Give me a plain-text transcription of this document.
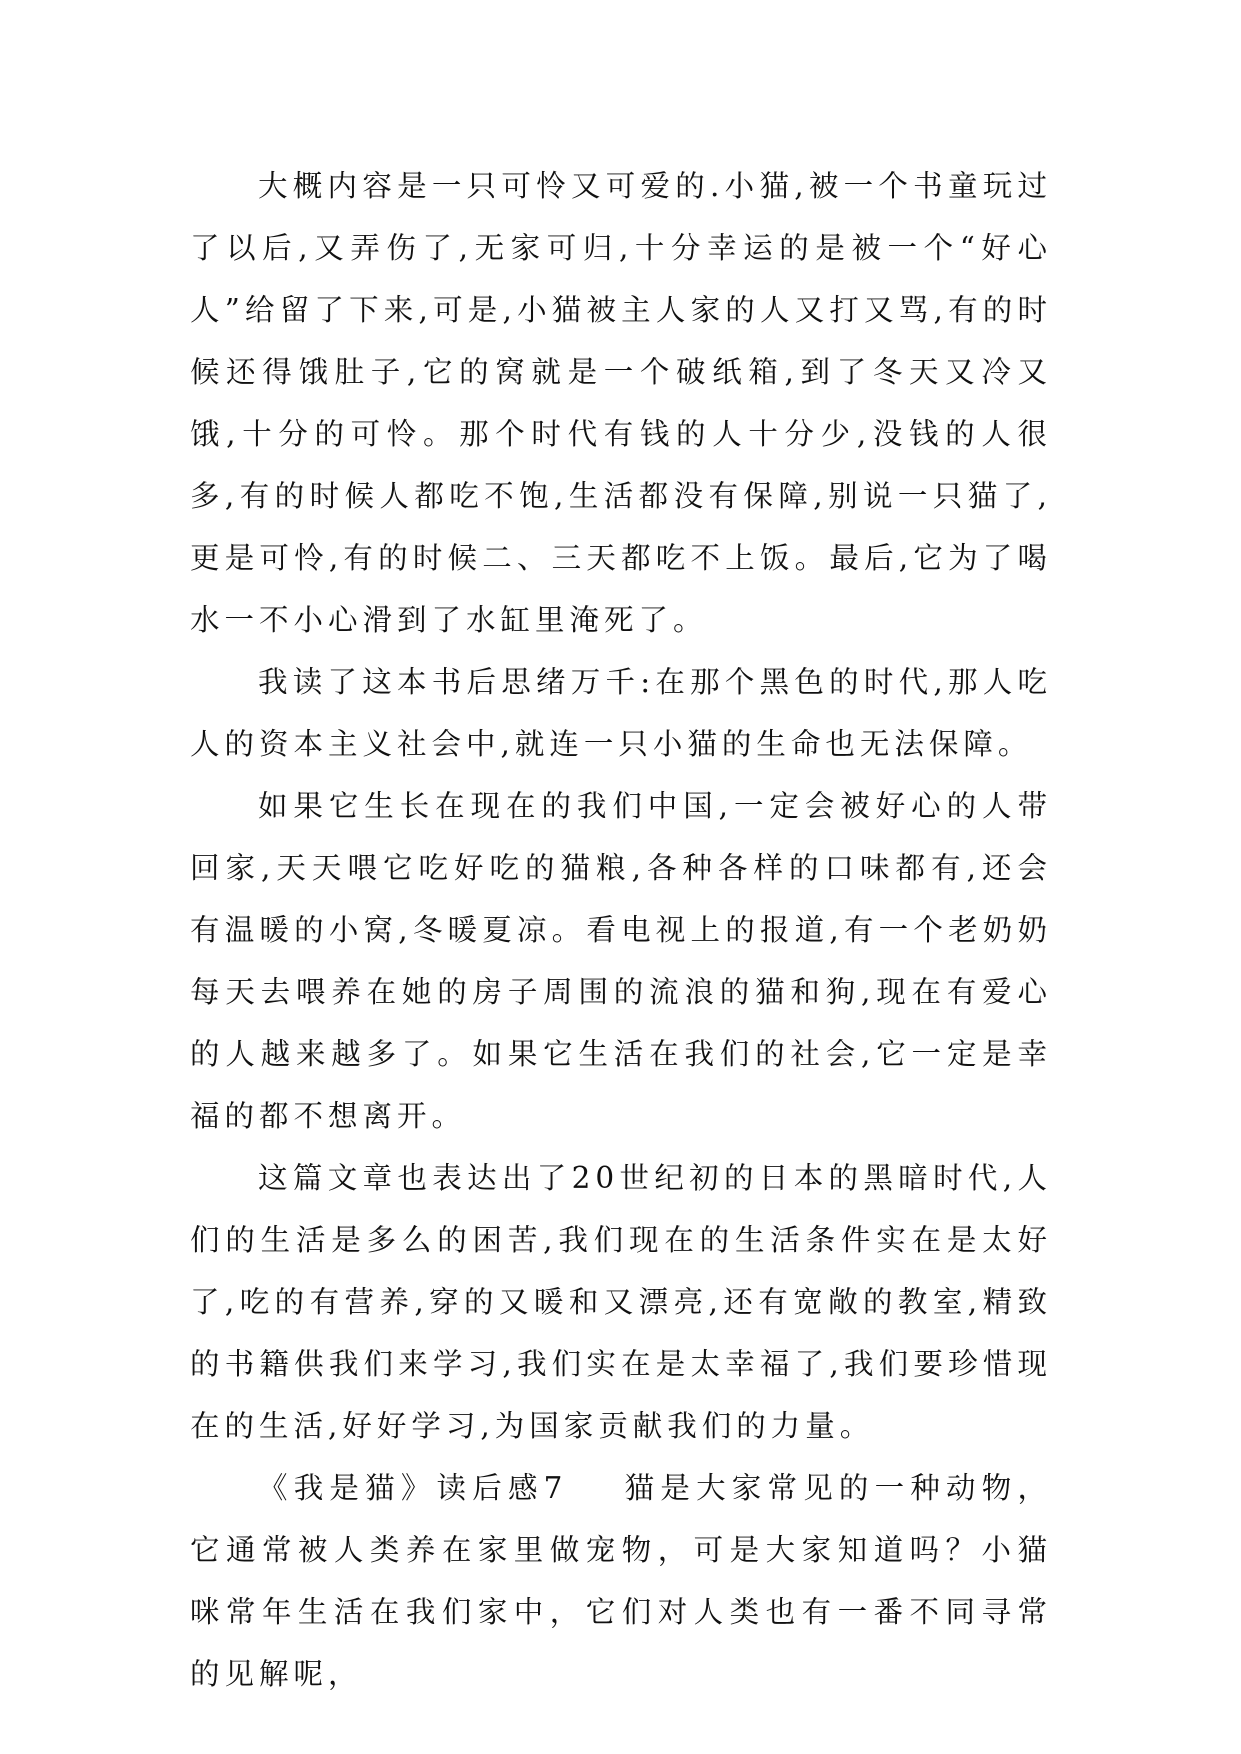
大概内容是一只可怜又可爱的.小猫,被一个书童玩过了以后,又弄伤了,无家可归,十分幸运的是被一个“好心人”给留了下来,可是,小猫被主人家的人又打又骂,有的时候还得饿肚子,它的窝就是一个破纸箱,到了冬天又冷又饿,十分的可怜。那个时代有钱的人十分少,没钱的人很多,有的时候人都吃不饱,生活都没有保障,别说一只猫了,更是可怜,有的时候二、三天都吃不上饭。最后,它为了喝水一不小心滑到了水缸里淹死了。

我读了这本书后思绪万千:在那个黑色的时代,那人吃人的资本主义社会中,就连一只小猫的生命也无法保障。

如果它生长在现在的我们中国,一定会被好心的人带回家,天天喂它吃好吃的猫粮,各种各样的口味都有,还会有温暖的小窝,冬暖夏凉。看电视上的报道,有一个老奶奶每天去喂养在她的房子周围的流浪的猫和狗,现在有爱心的人越来越多了。如果它生活在我们的社会,它一定是幸福的都不想离开。

这篇文章也表达出了20世纪初的日本的黑暗时代,人们的生活是多么的困苦,我们现在的生活条件实在是太好了,吃的有营养,穿的又暖和又漂亮,还有宽敞的教室,精致的书籍供我们来学习,我们实在是太幸福了,我们要珍惜现在的生活,好好学习,为国家贡献我们的力量。

《我是猫》读后感7 猫是大家常见的一种动物，它通常被人类养在家里做宠物，可是大家知道吗？小猫咪常年生活在我们家中，它们对人类也有一番不同寻常的见解呢，
